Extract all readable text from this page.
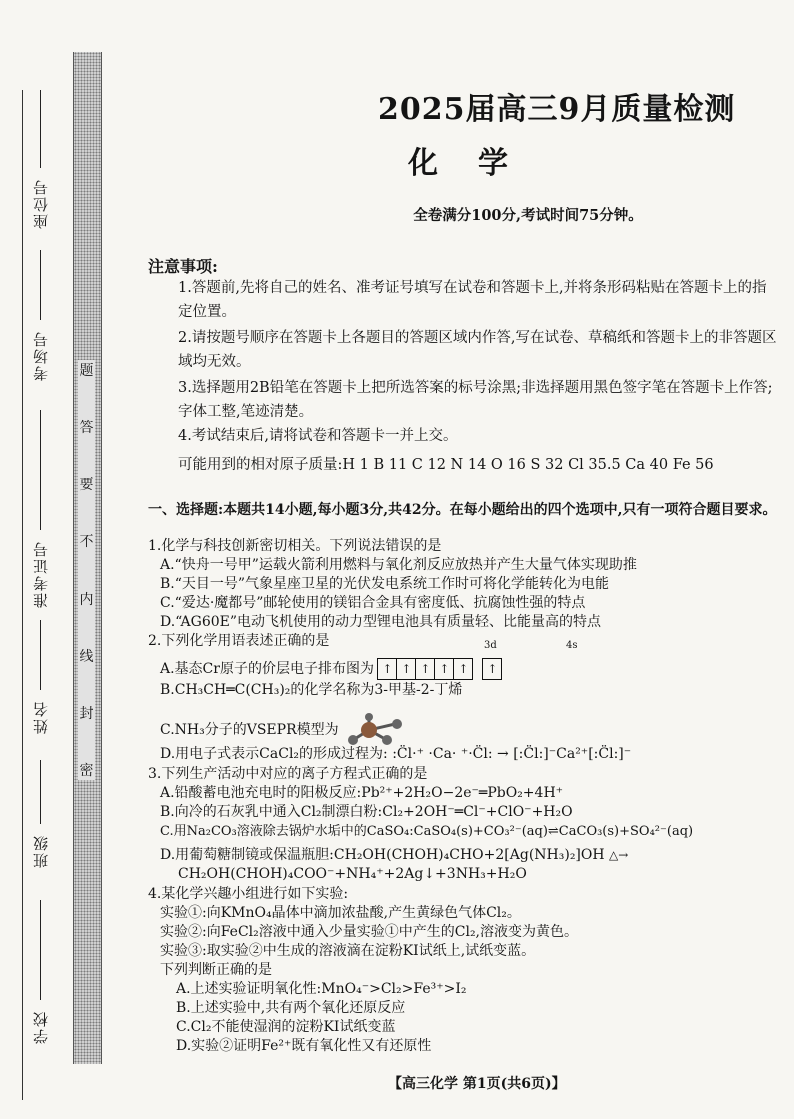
座位号
考场号
准考证号
姓名
班级
学校
题
答
要
不
内
线
封
密
2025届高三9月质量检测
化学
全卷满分100分,考试时间75分钟。
注意事项:
1.答题前,先将自己的姓名、准考证号填写在试卷和答题卡上,并将条形码粘贴在答题卡上的指定位置。
2.请按题号顺序在答题卡上各题目的答题区域内作答,写在试卷、草稿纸和答题卡上的非答题区域均无效。
3.选择题用2B铅笔在答题卡上把所选答案的标号涂黑;非选择题用黑色签字笔在答题卡上作答;字体工整,笔迹清楚。
4.考试结束后,请将试卷和答题卡一并上交。
可能用到的相对原子质量:H 1 B 11 C 12 N 14 O 16 S 32 Cl 35.5 Ca 40 Fe 56
一、选择题:本题共14小题,每小题3分,共42分。在每小题给出的四个选项中,只有一项符合题目要求。
1.化学与科技创新密切相关。下列说法错误的是
A.“快舟一号甲”运载火箭利用燃料与氧化剂反应放热并产生大量气体实现助推
B.“天目一号”气象星座卫星的光伏发电系统工作时可将化学能转化为电能
C.“爱达·魔都号”邮轮使用的镁铝合金具有密度低、抗腐蚀性强的特点
D.“AG60E”电动飞机使用的动力型锂电池具有质量轻、比能量高的特点
2.下列化学用语表述正确的是	3d	4s
A.基态Cr原子的价层电子排布图为 ↑ ↑ ↑ ↑ ↑	↑
B.CH₃CH═C(CH₃)₂的化学名称为3-甲基-2-丁烯
C.NH₃分子的VSEPR模型为
D.用电子式表示CaCl₂的形成过程为: :C̈l·⁺ ·Ca· ⁺·C̈l: → [:C̈l:]⁻Ca²⁺[:C̈l:]⁻
3.下列生产活动中对应的离子方程式正确的是
A.铅酸蓄电池充电时的阳极反应:Pb²⁺+2H₂O−2e⁻═PbO₂+4H⁺
B.向冷的石灰乳中通入Cl₂制漂白粉:Cl₂+2OH⁻═Cl⁻+ClO⁻+H₂O
C.用Na₂CO₃溶液除去锅炉水垢中的CaSO₄:CaSO₄(s)+CO₃²⁻(aq)⇌CaCO₃(s)+SO₄²⁻(aq)
D.用葡萄糖制镜或保温瓶胆:CH₂OH(CHOH)₄CHO+2[Ag(NH₃)₂]OH △→
CH₂OH(CHOH)₄COO⁻+NH₄⁺+2Ag↓+3NH₃+H₂O
4.某化学兴趣小组进行如下实验:
实验①:向KMnO₄晶体中滴加浓盐酸,产生黄绿色气体Cl₂。
实验②:向FeCl₂溶液中通入少量实验①中产生的Cl₂,溶液变为黄色。
实验③:取实验②中生成的溶液滴在淀粉KI试纸上,试纸变蓝。
下列判断正确的是
A.上述实验证明氧化性:MnO₄⁻>Cl₂>Fe³⁺>I₂
B.上述实验中,共有两个氧化还原反应
C.Cl₂不能使湿润的淀粉KI试纸变蓝
D.实验②证明Fe²⁺既有氧化性又有还原性
【高三化学 第1页(共6页)】
